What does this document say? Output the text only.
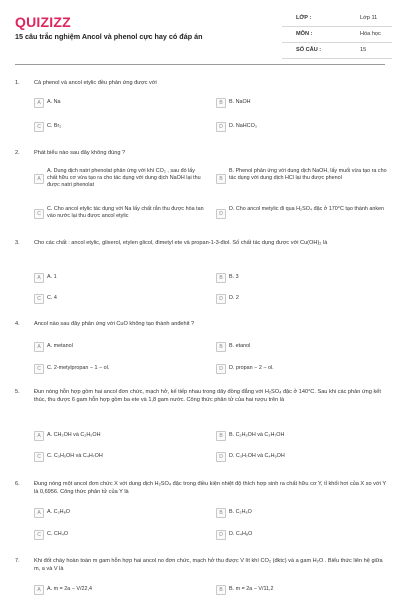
QUIZIZZ
15 câu trắc nghiệm Ancol và phenol cực hay có đáp án
LỚP :	Lớp 11
MÔN :	Hóa học
SỐ CÂU :	15
1.	Cả phenol và ancol etylic đều phản ứng được với
A	A. Na	B	B. NaOH
C	C. Br₂	D	D. NaHCO₃
2.	Phát biểu nào sau đây không đúng ?
A
A. Dung dịch natri phenolat phản ứng với khí CO₂ , sau đó lấy chất hữu cơ vừa tạo ra cho tác dụng với dung dịch NaOH lại thu được natri phenolat
B
B. Phenol phản ứng với dung dịch NaOH, lấy muối vừa tạo ra cho tác dụng với dung dịch HCl lại thu được phenol
C
C. Cho ancol etylic tác dụng với Na lấy chất rắn thu được hòa tan vào nước lại thu được ancol etylic	D
D. Cho ancol metylic đi qua H₂SO₄ đặc ở 170°C tạo thành anken
3.	Cho các chất : ancol etylic, glixerol, etylen glicol, đimetyl ete và propan-1-3-điol. Số chất tác dụng được với Cu(OH)₂ là
A	A. 1	B	B. 3
C	C. 4	D	D. 2
4.	Ancol nào sau đây phản ứng với CuO không tạo thành anđehit ?
A	A. metanol	B	B. etanol
C	C. 2-metylpropan − 1 − ol.	D	D. propan − 2 − ol.
5.	Đun nóng hỗn hợp gồm hai ancol đơn chức, mạch hở, kế tiếp nhau trong dãy đồng đẳng với H₂SO₄ đặc ở 140°C. Sau khi các phản ứng kết thúc, thu được 6 gam hỗn hợp gồm ba ete và 1,8 gam nước. Công thức phân tử của hai rượu trên là
A	A. CH₃OH và C₂H₅OH	B	B. C₂H₅OH và C₃H₇OH
C	C. C₃H₅OH và C₄H₇OH	D	D. C₃H₇OH và C₄H₉OH
6.	Đung nóng một ancol đơn chức X với dung dịch H₂SO₄ đặc trong điều kiện nhiệt độ thích hợp sinh ra chất hữu cơ Y, tỉ khối hơi của X so với Y là 0,6956. Công thức phân tử của Y là
A	A. C₃H₈O	B	B. C₂H₆O
C	C. CH₄O	D	D. C₄H₈O
7.	Khi đốt cháy hoàn toàn m gam hỗn hợp hai ancol no đơn chức, mạch hở thu được V lít khí CO₂ (đktc) và a gam H₂O . Biểu thức liên hệ giữa m, a và V là
A	A. m = 2a − V/22,4	B	B. m = 2a − V/11,2
